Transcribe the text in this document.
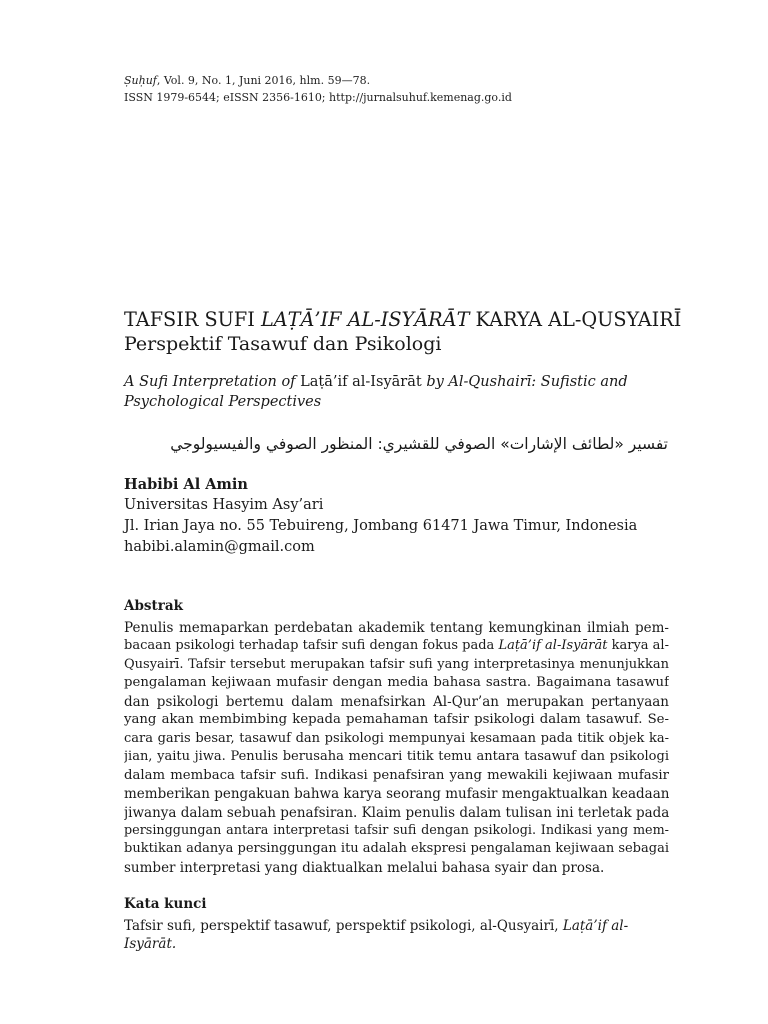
Ṣuḥuf, Vol. 9, No. 1, Juni 2016, hlm. 59—78.
ISSN 1979-6544; eISSN 2356-1610; http://jurnalsuhuf.kemenag.go.id
TAFSIR SUFI LAṬĀ’IF AL-ISYĀRĀT KARYA AL-QUSYAIRĪ
Perspektif Tasawuf dan Psikologi
A Sufi Interpretation of Laṭā’if al-Isyārāt by Al-Qushairī: Sufistic and
Psychological Perspectives
تفسير «لطائف الإشارات» الصوفي للقشيري: المنظور الصوفي والفيسيولوجي
Habibi Al Amin
Universitas Hasyim Asy’ari
Jl. Irian Jaya no. 55 Tebuireng, Jombang 61471 Jawa Timur, Indonesia
habibi.alamin@gmail.com
Abstrak
Penulis memaparkan perdebatan akademik tentang kemungkinan ilmiah pem-
bacaan psikologi terhadap tafsir sufi dengan fokus pada Laṭā’if al-Isyārāt karya al-
Qusyairī. Tafsir tersebut merupakan tafsir sufi yang interpretasinya menunjukkan
pengalaman kejiwaan mufasir dengan media bahasa sastra. Bagaimana tasawuf
dan psikologi bertemu dalam menafsirkan Al-Qur’an merupakan pertanyaan
yang akan membimbing kepada pemahaman tafsir psikologi dalam tasawuf. Se-
cara garis besar, tasawuf dan psikologi mempunyai kesamaan pada titik objek ka-
jian, yaitu jiwa. Penulis berusaha mencari titik temu antara tasawuf dan psikologi
dalam membaca tafsir sufi. Indikasi penafsiran yang mewakili kejiwaan mufasir
memberikan pengakuan bahwa karya seorang mufasir mengaktualkan keadaan
jiwanya dalam sebuah penafsiran. Klaim penulis dalam tulisan ini terletak pada
persinggungan antara interpretasi tafsir sufi dengan psikologi. Indikasi yang mem-
buktikan adanya persinggungan itu adalah ekspresi pengalaman kejiwaan sebagai
sumber interpretasi yang diaktualkan melalui bahasa syair dan prosa.
Kata kunci
Tafsir sufi, perspektif tasawuf, perspektif psikologi, al-Qusyairī, Laṭā’if al-Isyārāt.
